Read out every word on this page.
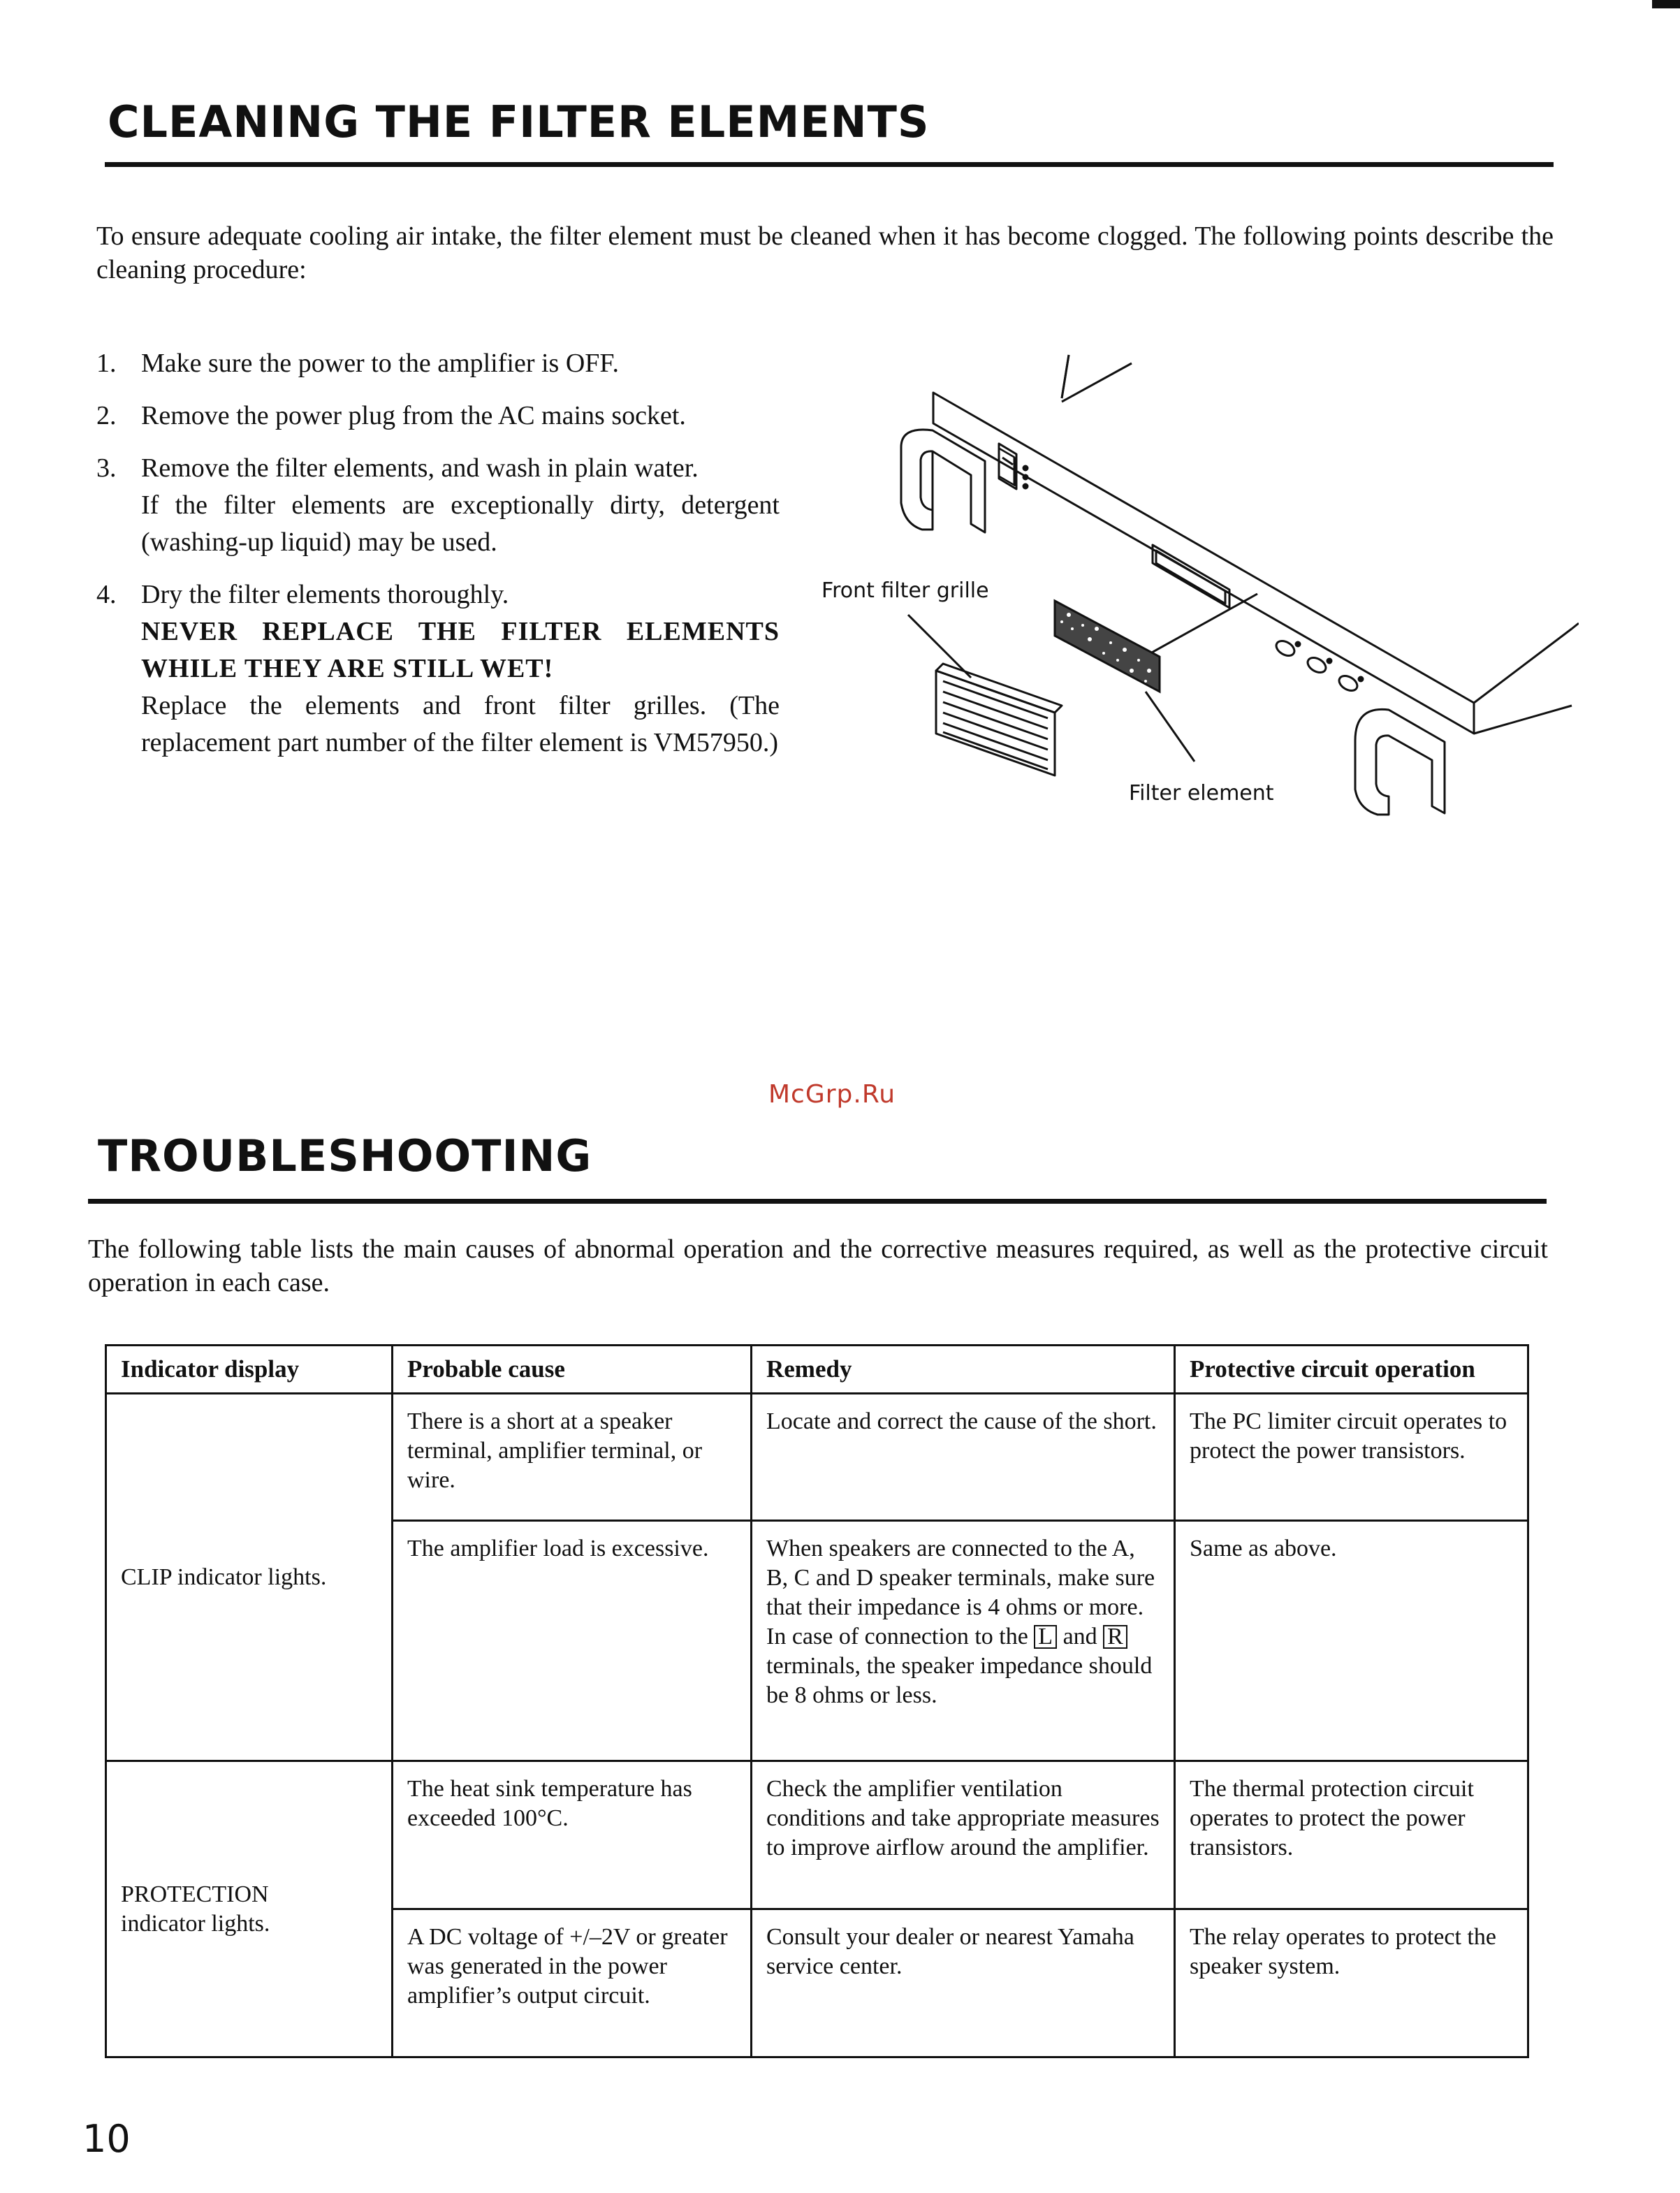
CLEANING THE FILTER ELEMENTS

To ensure adequate cooling air intake, the filter element must be cleaned when it has become clogged. The following points describe the cleaning procedure:

1. Make sure the power to the amplifier is OFF.
2. Remove the power plug from the AC mains socket.
3. Remove the filter elements, and wash in plain water.
If the filter elements are exceptionally dirty, detergent (washing-up liquid) may be used.
4. Dry the filter elements thoroughly.
NEVER REPLACE THE FILTER ELEMENTS WHILE THEY ARE STILL WET!
Replace the elements and front filter grilles. (The replacement part number of the filter element is VM57950.)
Front filter grille
Filter element
McGrp.Ru
TROUBLESHOOTING

The following table lists the main causes of abnormal operation and the corrective measures required, as well as the protective circuit operation in each case.

Indicator display	Probable cause	Remedy	Protective circuit operation
CLIP indicator lights.	There is a short at a speaker terminal, amplifier terminal, or wire.	Locate and correct the cause of the short.	The PC limiter circuit operates to protect the power transistors.
	The amplifier load is excessive.	When speakers are connected to the A, B, C and D speaker terminals, make sure that their impedance is 4 ohms or more. In case of connection to the L and R terminals, the speaker impedance should be 8 ohms or less.	Same as above.

PROTECTION
indicator lights.	The heat sink temperature has exceeded 100°C.	Check the amplifier ventilation conditions and take appropriate measures to improve airflow around the amplifier.	The thermal protection circuit operates to protect the power transistors.
	A DC voltage of +/–2V or greater was generated in the power amplifier’s output circuit.	Consult your dealer or nearest Yamaha service center.	The relay operates to protect the speaker system.
10
